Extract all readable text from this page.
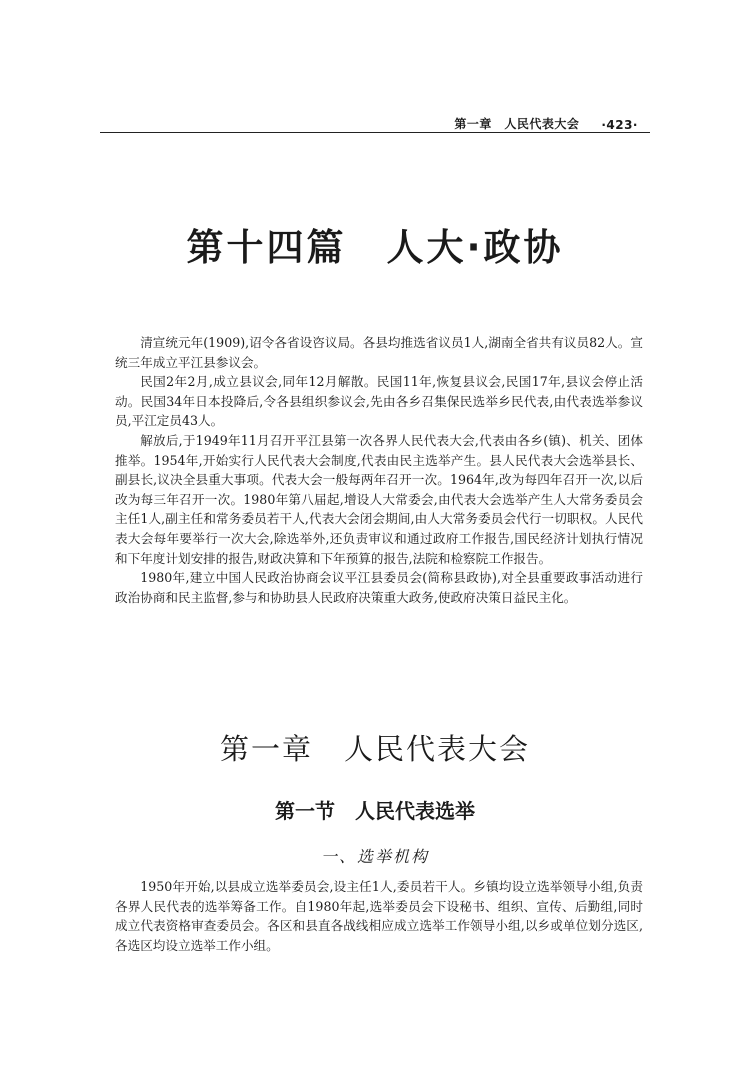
第一章　人民代表大会 ·423·
第十四篇　人大·政协

清宣统元年(1909),诏令各省设咨议局。各县均推选省议员1人,湖南全省共有议员82人。宣统三年成立平江县参议会。

民国2年2月,成立县议会,同年12月解散。民国11年,恢复县议会,民国17年,县议会停止活动。民国34年日本投降后,令各县组织参议会,先由各乡召集保民选举乡民代表,由代表选举参议员,平江定员43人。

解放后,于1949年11月召开平江县第一次各界人民代表大会,代表由各乡(镇)、机关、团体推举。1954年,开始实行人民代表大会制度,代表由民主选举产生。县人民代表大会选举县长、副县长,议决全县重大事项。代表大会一般每两年召开一次。1964年,改为每四年召开一次,以后改为每三年召开一次。1980年第八届起,增设人大常委会,由代表大会选举产生人大常务委员会主任1人,副主任和常务委员若干人,代表大会闭会期间,由人大常务委员会代行一切职权。人民代表大会每年要举行一次大会,除选举外,还负责审议和通过政府工作报告,国民经济计划执行情况和下年度计划安排的报告,财政决算和下年预算的报告,法院和检察院工作报告。

1980年,建立中国人民政治协商会议平江县委员会(简称县政协),对全县重要政事活动进行政治协商和民主监督,参与和协助县人民政府决策重大政务,使政府决策日益民主化。

第一章　人民代表大会
第一节　人民代表选举
一、选举机构

1950年开始,以县成立选举委员会,设主任1人,委员若干人。乡镇均设立选举领导小组,负责各界人民代表的选举筹备工作。自1980年起,选举委员会下设秘书、组织、宣传、后勤组,同时成立代表资格审查委员会。各区和县直各战线相应成立选举工作领导小组,以乡或单位划分选区,各选区均设立选举工作小组。
